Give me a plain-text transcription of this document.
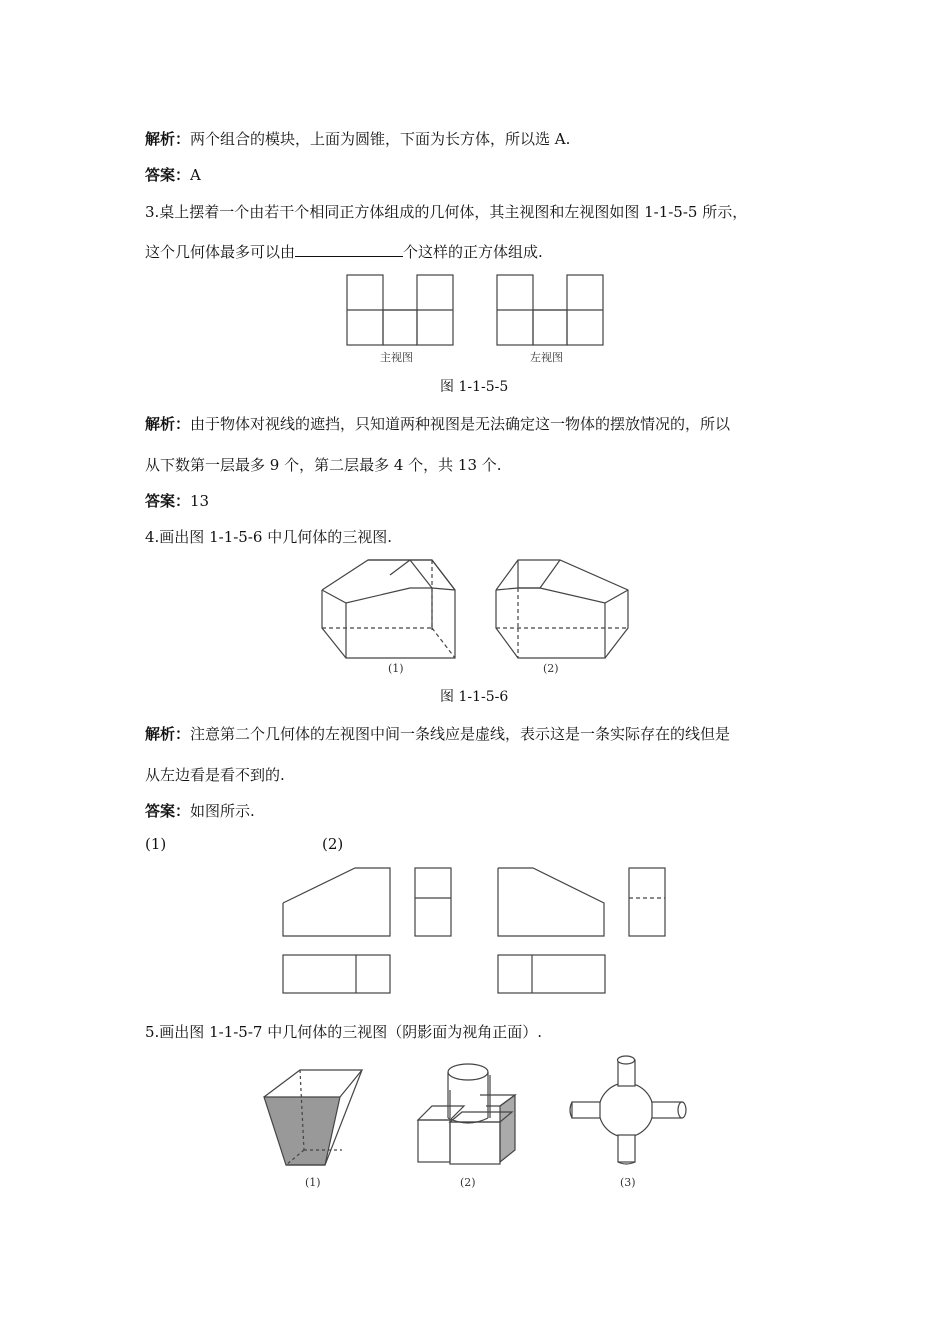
解析：两个组合的模块，上面为圆锥，下面为长方体，所以选 A.
答案：A
3.桌上摆着一个由若干个相同正方体组成的几何体，其主视图和左视图如图 1-1-5-5 所示，
这个几何体最多可以由	个这样的正方体组成.
主视图	左视图
图 1-1-5-5
解析：由于物体对视线的遮挡，只知道两种视图是无法确定这一物体的摆放情况的，所以
从下数第一层最多 9 个，第二层最多 4 个，共 13 个.
答案：13
4.画出图 1-1-5-6 中几何体的三视图.
(1)	(2)
图 1-1-5-6
解析：注意第二个几何体的左视图中间一条线应是虚线，表示这是一条实际存在的线但是
从左边看是看不到的.
答案：如图所示.
(1)	(2)
5.画出图 1-1-5-7 中几何体的三视图（阴影面为视角正面）.
(1)	(2)	(3)
